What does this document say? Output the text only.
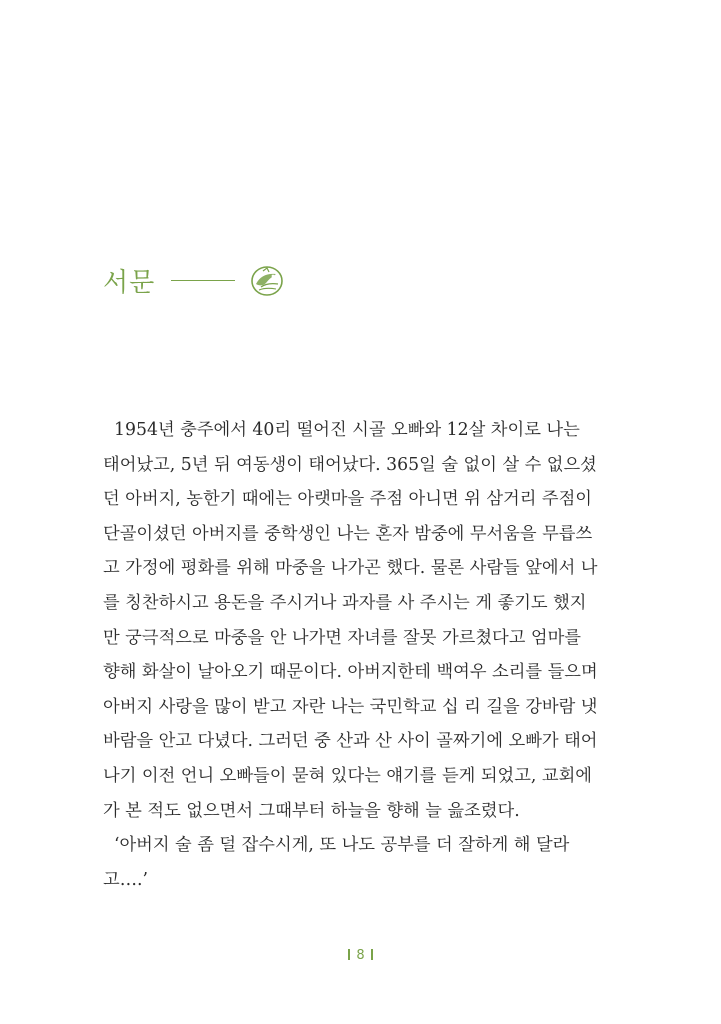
서문
1954년 충주에서 40리 떨어진 시골 오빠와 12살 차이로 나는
태어났고, 5년 뒤 여동생이 태어났다. 365일 술 없이 살 수 없으셨
던 아버지, 농한기 때에는 아랫마을 주점 아니면 위 삼거리 주점이
단골이셨던 아버지를 중학생인 나는 혼자 밤중에 무서움을 무릅쓰
고 가정에 평화를 위해 마중을 나가곤 했다. 물론 사람들 앞에서 나
를 칭찬하시고 용돈을 주시거나 과자를 사 주시는 게 좋기도 했지
만 궁극적으로 마중을 안 나가면 자녀를 잘못 가르쳤다고 엄마를
향해 화살이 날아오기 때문이다. 아버지한테 백여우 소리를 들으며
아버지 사랑을 많이 받고 자란 나는 국민학교 십 리 길을 강바람 냇
바람을 안고 다녔다. 그러던 중 산과 산 사이 골짜기에 오빠가 태어
나기 이전 언니 오빠들이 묻혀 있다는 얘기를 듣게 되었고, 교회에
가 본 적도 없으면서 그때부터 하늘을 향해 늘 읊조렸다.
‘아버지 술 좀 덜 잡수시게, 또 나도 공부를 더 잘하게 해 달라
고….’
8
